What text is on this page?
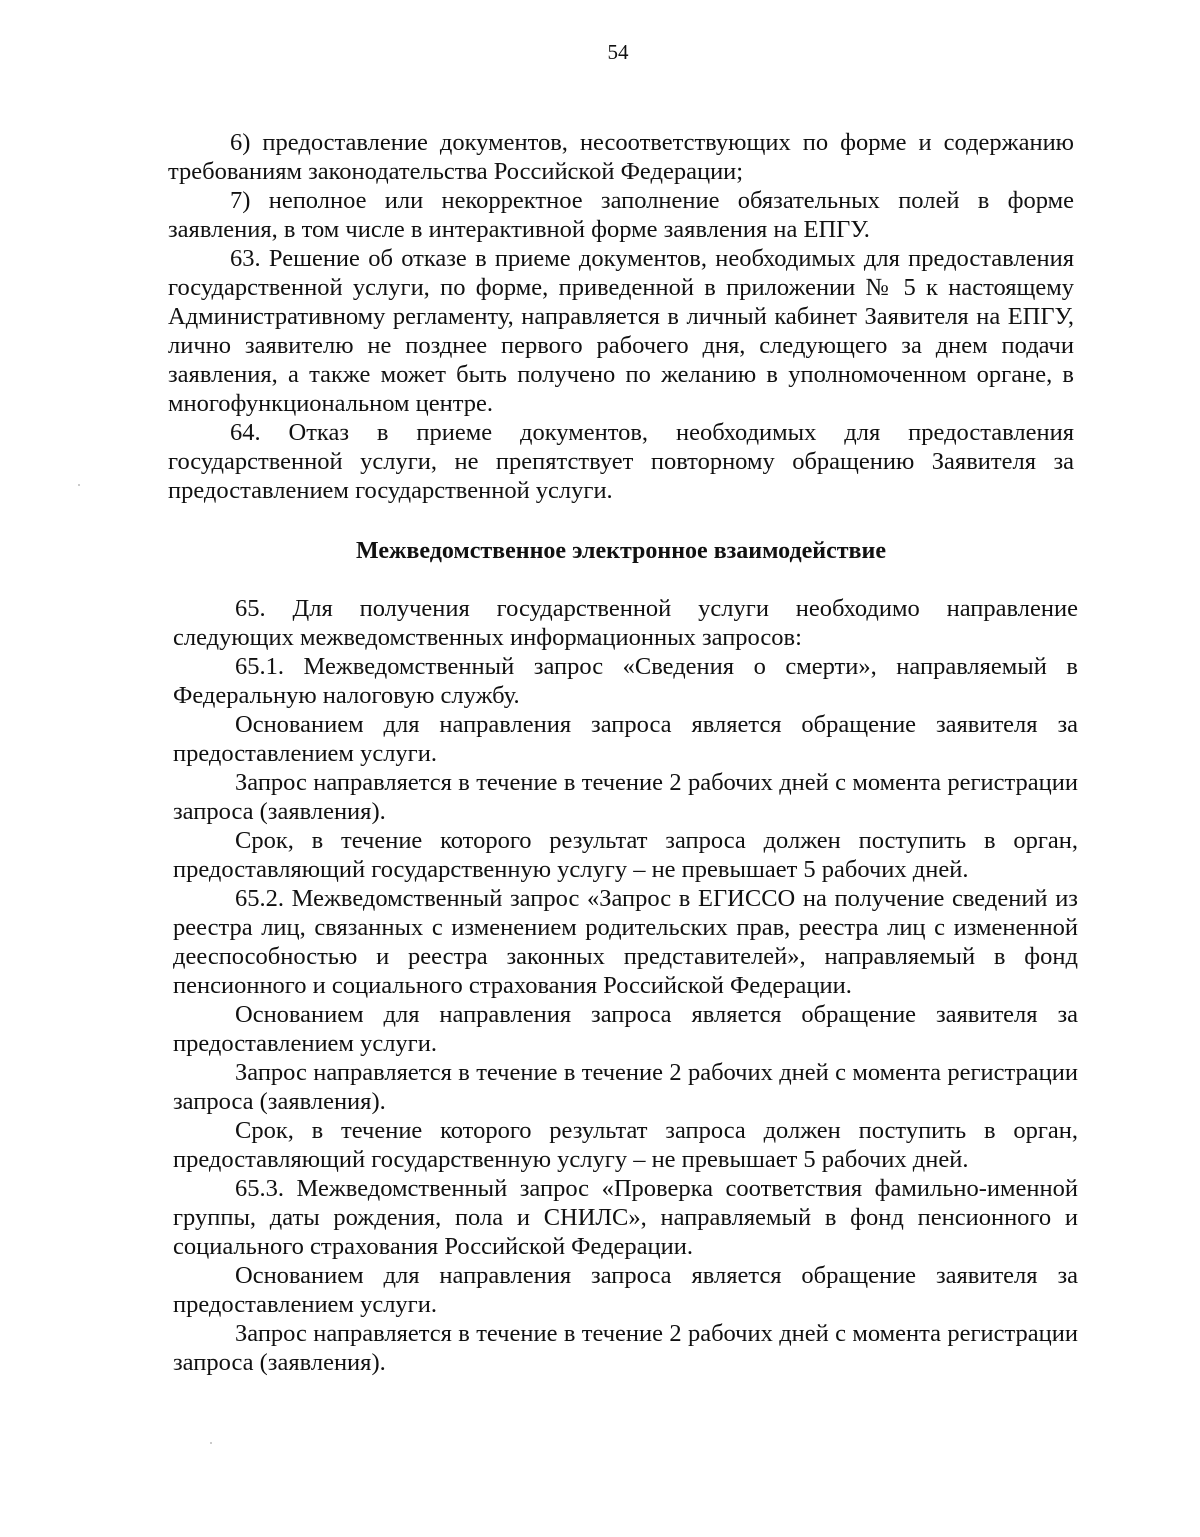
54

6) предоставление документов, несоответствующих по форме и содержанию требованиям законодательства Российской Федерации;

7) неполное или некорректное заполнение обязательных полей в форме заявления, в том числе в интерактивной форме заявления на ЕПГУ.

63. Решение об отказе в приеме документов, необходимых для предоставления государственной услуги, по форме, приведенной в приложении № 5 к настоящему Административному регламенту, направляется в личный кабинет Заявителя на ЕПГУ, лично заявителю не позднее первого рабочего дня, следующего за днем подачи заявления, а также может быть получено по желанию в уполномоченном органе, в многофункциональном центре.

64. Отказ в приеме документов, необходимых для предоставления государственной услуги, не препятствует повторному обращению Заявителя за предоставлением государственной услуги.

Межведомственное электронное взаимодействие

65. Для получения государственной услуги необходимо направление следующих межведомственных информационных запросов:

65.1. Межведомственный запрос «Сведения о смерти», направляемый в Федеральную налоговую службу.

Основанием для направления запроса является обращение заявителя за предоставлением услуги.

Запрос направляется в течение в течение 2 рабочих дней с момента регистрации запроса (заявления).

Срок, в течение которого результат запроса должен поступить в орган, предоставляющий государственную услугу – не превышает 5 рабочих дней.

65.2. Межведомственный запрос «Запрос в ЕГИССО на получение сведений из реестра лиц, связанных с изменением родительских прав, реестра лиц с измененной дееспособностью и реестра законных представителей», направляемый в фонд пенсионного и социального страхования Российской Федерации.

Основанием для направления запроса является обращение заявителя за предоставлением услуги.

Запрос направляется в течение в течение 2 рабочих дней с момента регистрации запроса (заявления).

Срок, в течение которого результат запроса должен поступить в орган, предоставляющий государственную услугу – не превышает 5 рабочих дней.

65.3. Межведомственный запрос «Проверка соответствия фамильно-именной группы, даты рождения, пола и СНИЛС», направляемый в фонд пенсионного и социального страхования Российской Федерации.

Основанием для направления запроса является обращение заявителя за предоставлением услуги.

Запрос направляется в течение в течение 2 рабочих дней с момента регистрации запроса (заявления).
